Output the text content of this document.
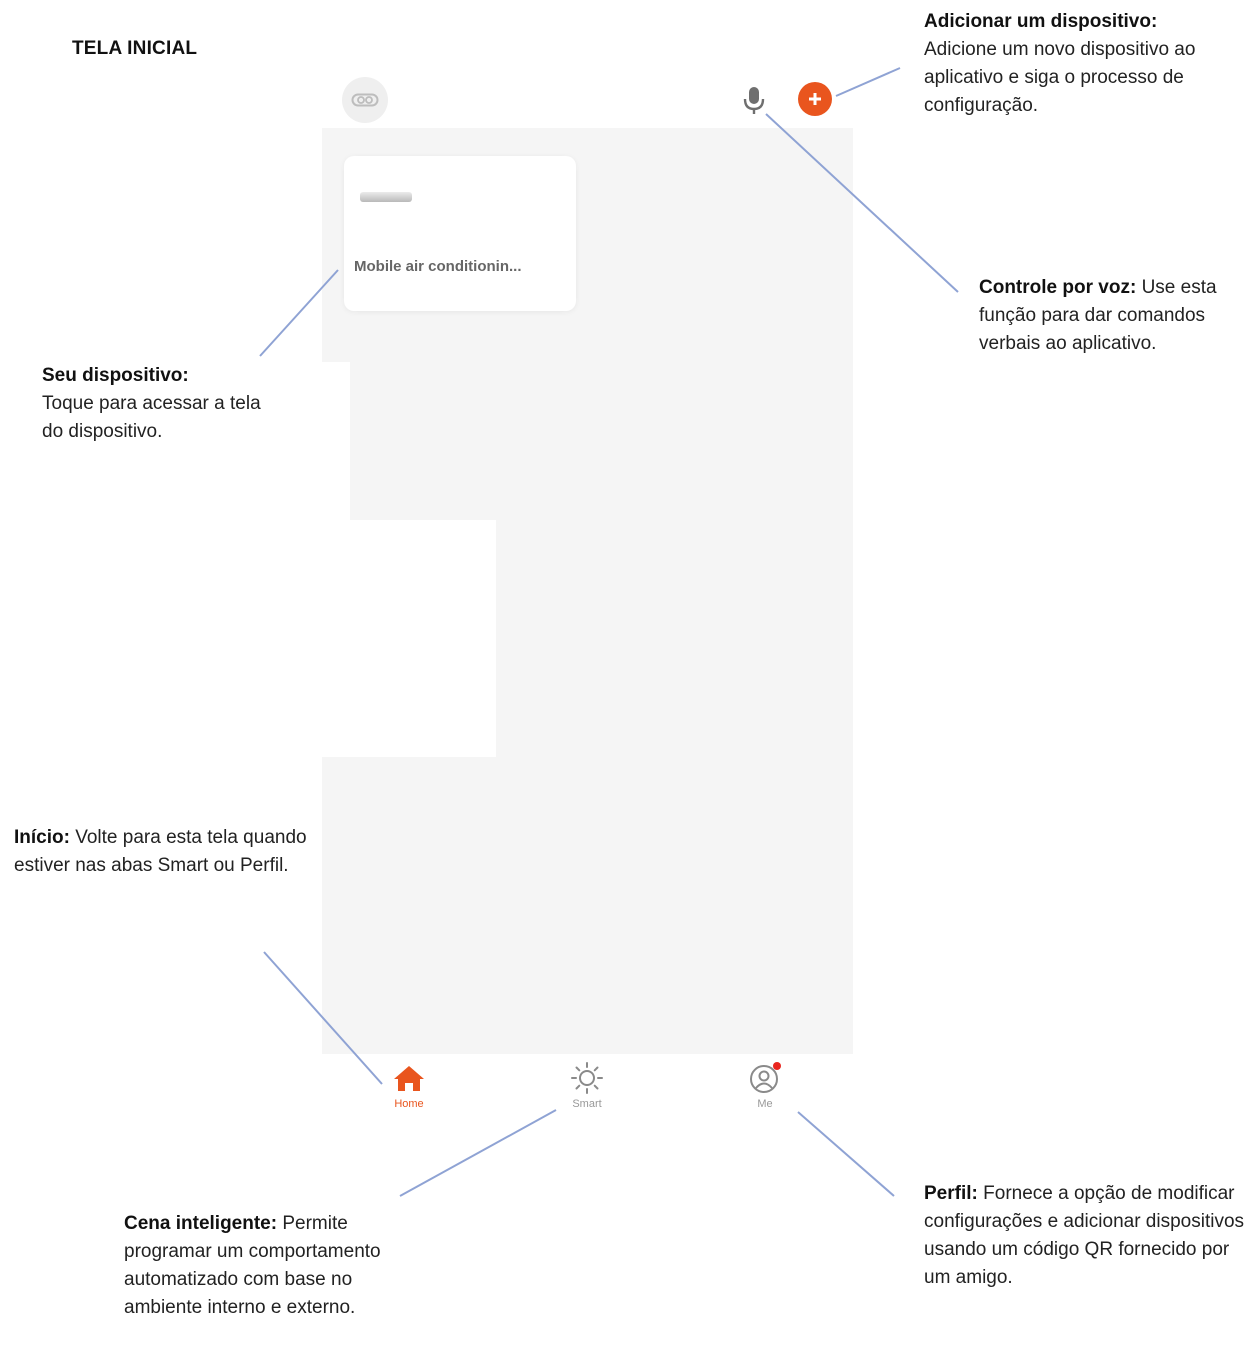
TELA INICIAL
Mobile air conditionin...
Home	Smart	Me
Adicionar um dispositivo:
Adicione um novo dispositivo ao aplicativo e siga o processo de configuração.
Controle por voz: Use esta função para dar comandos verbais ao aplicativo.
Seu dispositivo:
Toque para acessar a tela do dispositivo.
Início: Volte para esta tela quando estiver nas abas Smart ou Perfil.
Cena inteligente: Permite programar um comportamento automatizado com base no ambiente interno e externo.
Perfil: Fornece a opção de modificar configurações e adicionar dispositivos usando um código QR fornecido por um amigo.
